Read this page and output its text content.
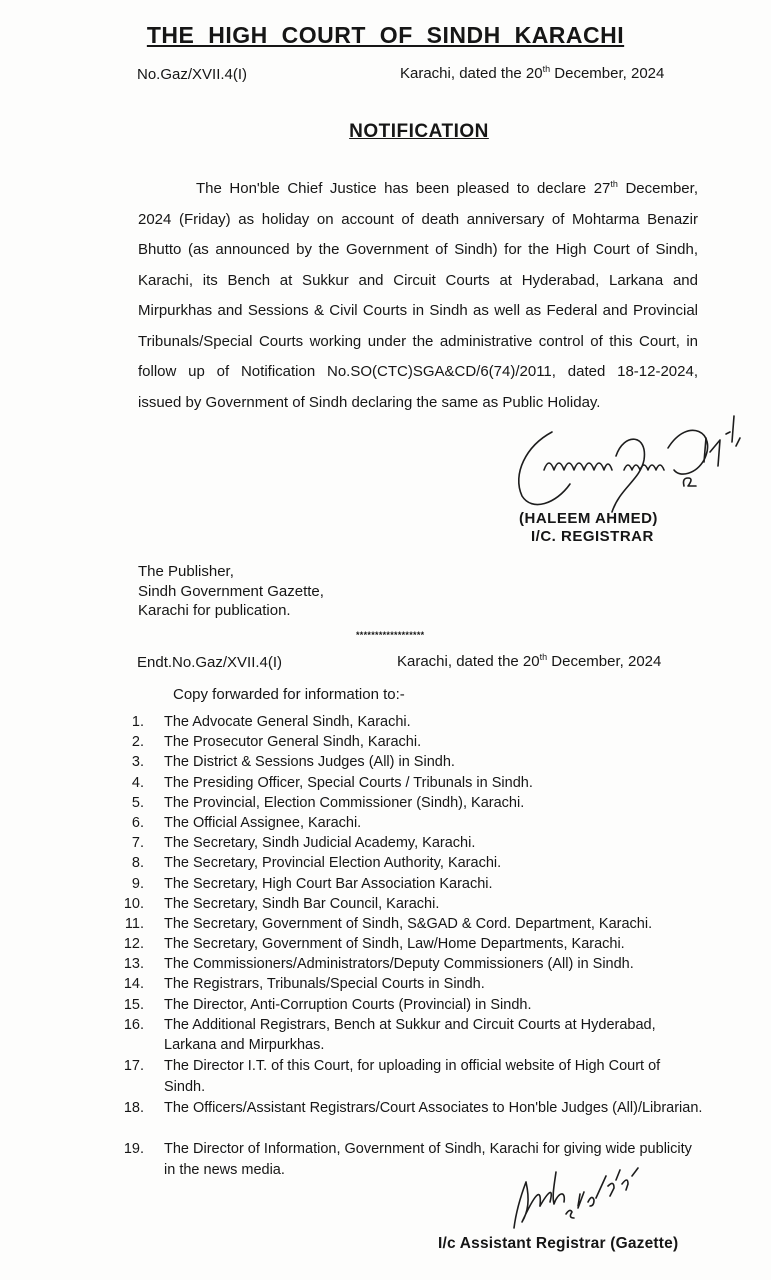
THE HIGH COURT OF SINDH KARACHI
No.Gaz/XVII.4(I)	Karachi, dated the 20th December, 2024
NOTIFICATION
The Hon'ble Chief Justice has been pleased to declare 27th December, 2024 (Friday) as holiday on account of death anniversary of Mohtarma Benazir Bhutto (as announced by the Government of Sindh) for the High Court of Sindh, Karachi, its Bench at Sukkur and Circuit Courts at Hyderabad, Larkana and Mirpurkhas and Sessions & Civil Courts in Sindh as well as Federal and Provincial Tribunals/Special Courts working under the administrative control of this Court, in follow up of Notification No.SO(CTC)SGA&CD/6(74)/2011, dated 18-12-2024, issued by Government of Sindh declaring the same as Public Holiday.
(HALEEM AHMED)
I/C. REGISTRAR
The Publisher,
Sindh Government Gazette,
Karachi for publication.
******************
Endt.No.Gaz/XVII.4(I)	Karachi, dated the 20th December, 2024
Copy forwarded for information to:-
1.	The Advocate General Sindh, Karachi.
2.	The Prosecutor General Sindh, Karachi.
3.	The District & Sessions Judges (All) in Sindh.
4.	The Presiding Officer, Special Courts / Tribunals in Sindh.
5.	The Provincial, Election Commissioner (Sindh), Karachi.
6.	The Official Assignee, Karachi.
7.	The Secretary, Sindh Judicial Academy, Karachi.
8.	The Secretary, Provincial Election Authority, Karachi.
9.	The Secretary, High Court Bar Association Karachi.
10.	The Secretary, Sindh Bar Council, Karachi.
11.	The Secretary, Government of Sindh, S&GAD & Cord. Department, Karachi.
12.	The Secretary, Government of Sindh, Law/Home Departments, Karachi.
13.	The Commissioners/Administrators/Deputy Commissioners (All) in Sindh.
14.	The Registrars, Tribunals/Special Courts in Sindh.
15.	The Director, Anti-Corruption Courts (Provincial) in Sindh.
16.	The Additional Registrars, Bench at Sukkur and Circuit Courts at Hyderabad, Larkana and Mirpurkhas.
17.	The Director I.T. of this Court, for uploading in official website of High Court of Sindh.
18.	The Officers/Assistant Registrars/Court Associates to Hon'ble Judges (All)/Librarian.
19.	The Director of Information, Government of Sindh, Karachi for giving wide publicity in the news media.
I/c Assistant Registrar (Gazette)
